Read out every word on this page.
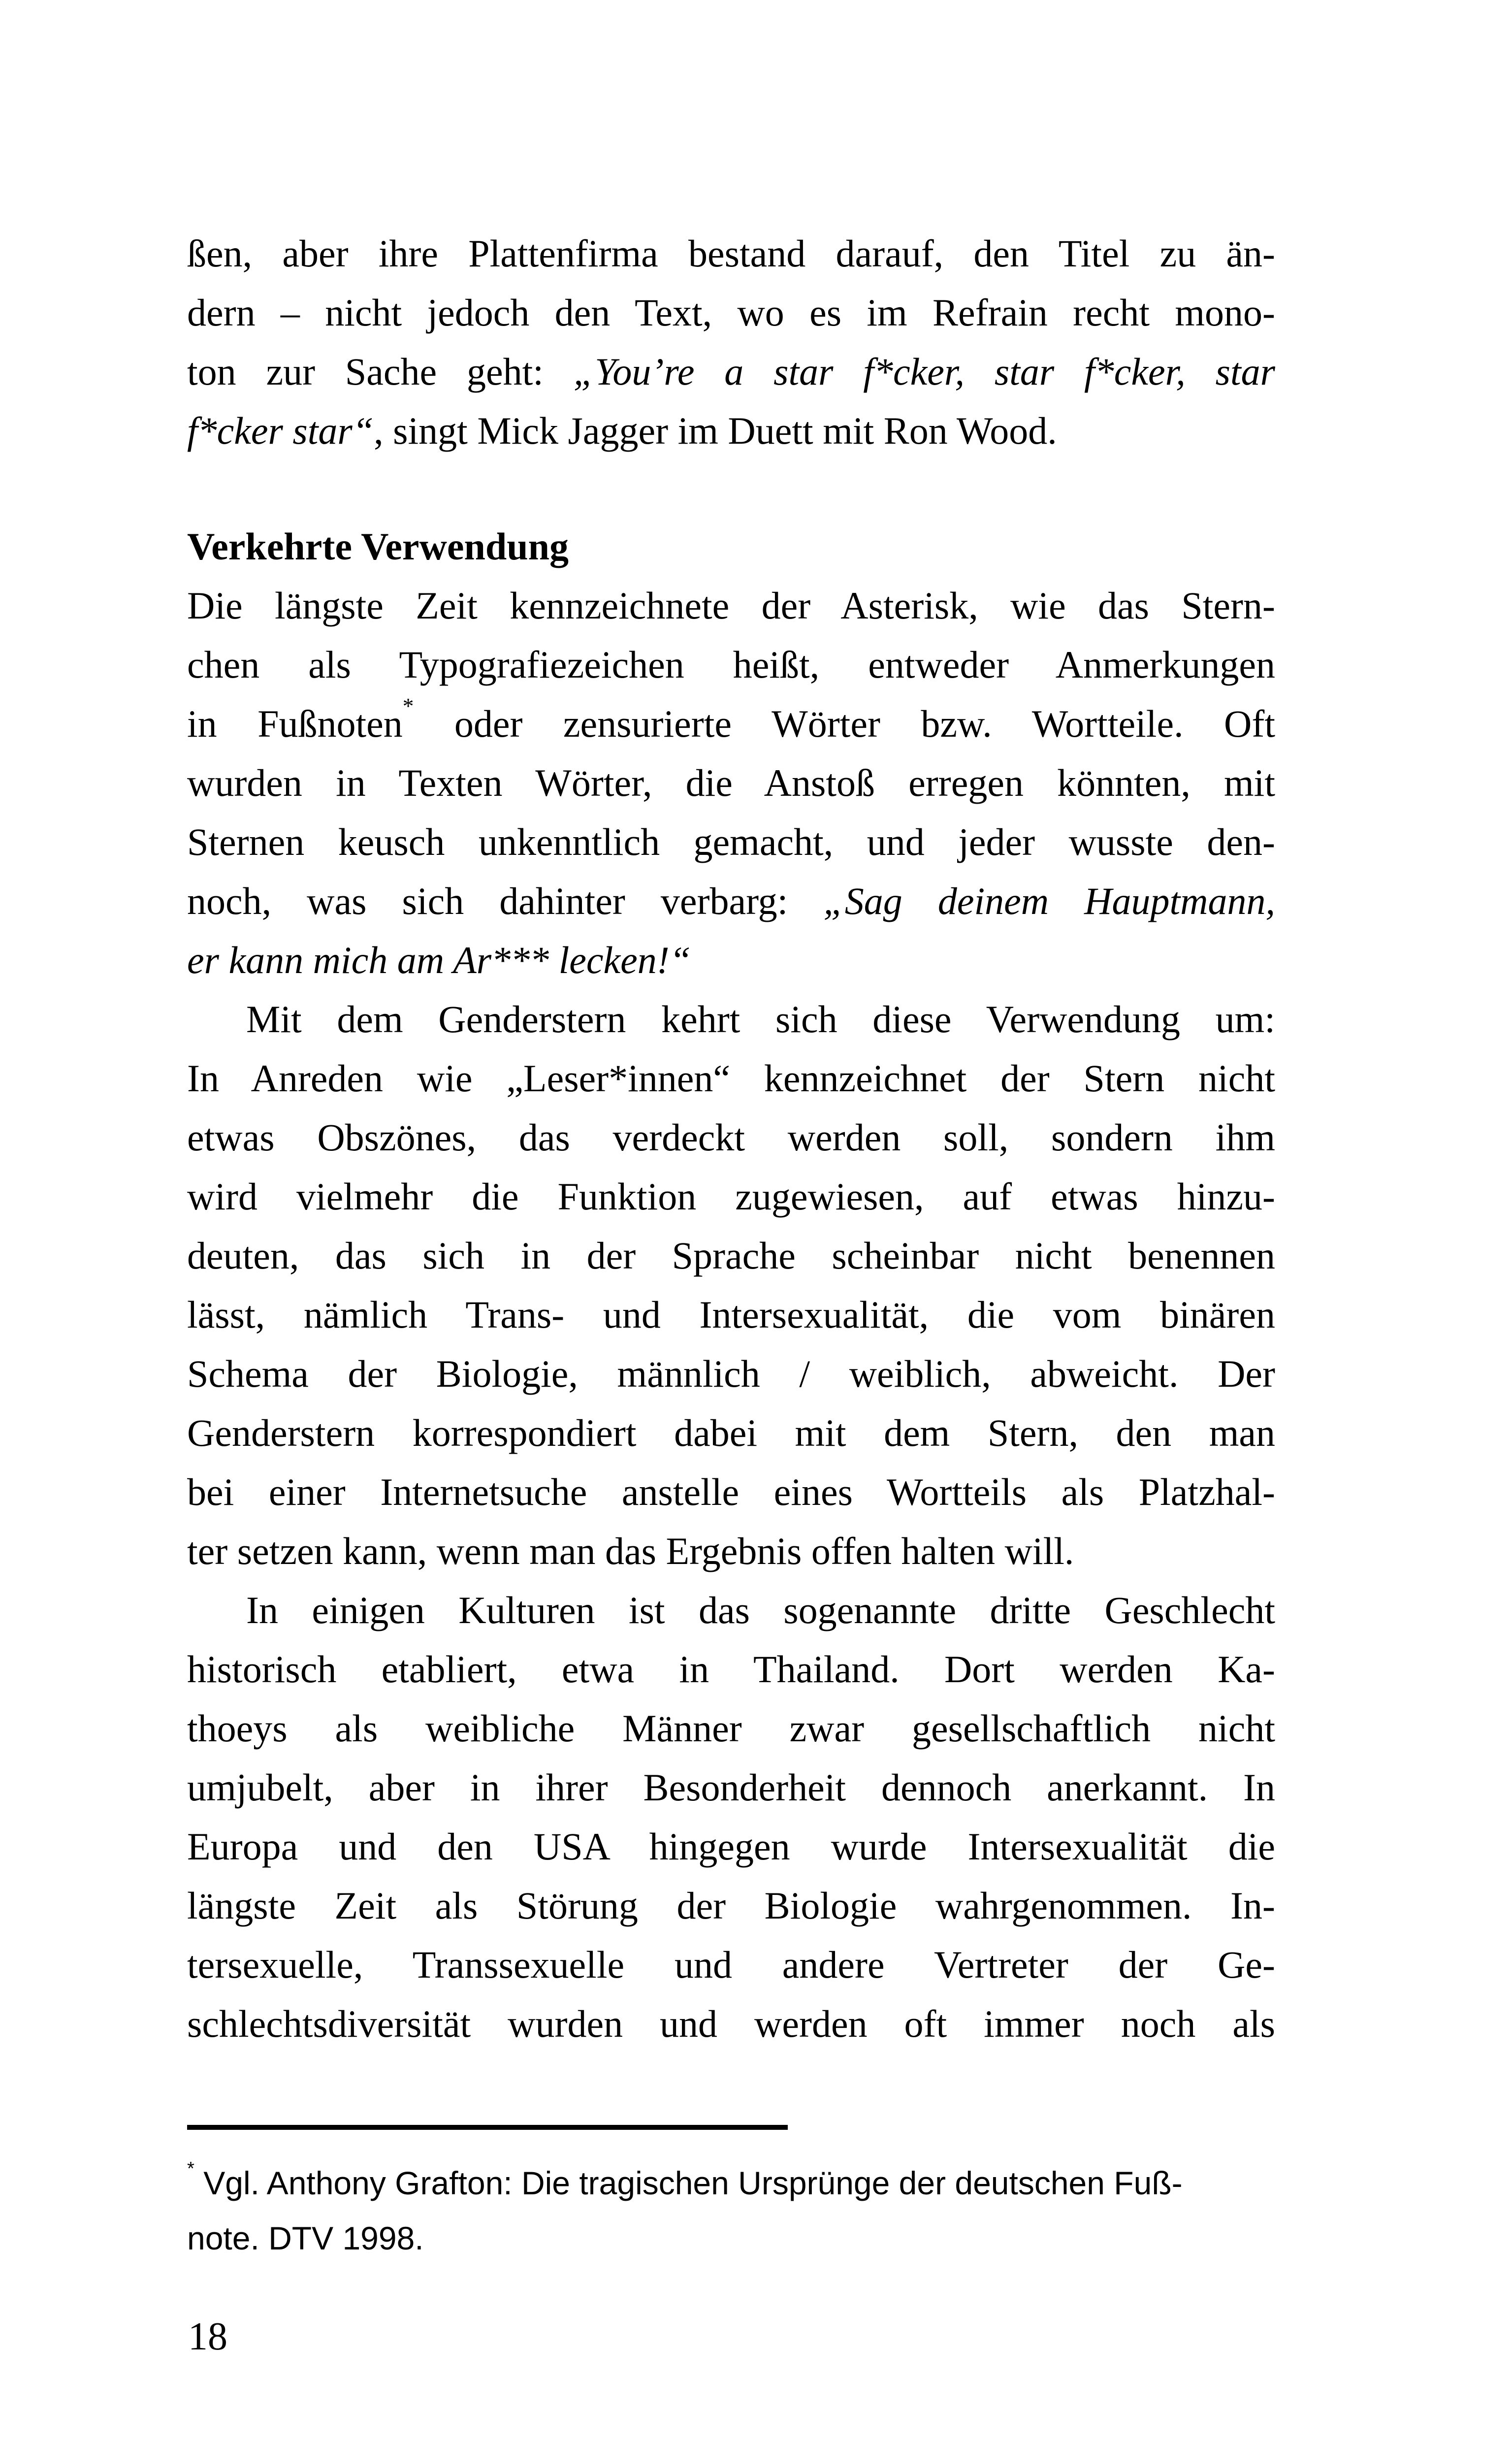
ßen, aber ihre Plattenfirma bestand darauf, den Titel zu än-
dern – nicht jedoch den Text, wo es im Refrain recht mono-
ton zur Sache geht: „You’re a star f*cker, star f*cker, star
f*cker star“, singt Mick Jagger im Duett mit Ron Wood.
Verkehrte Verwendung
Die längste Zeit kennzeichnete der Asterisk, wie das Stern-
chen als Typografiezeichen heißt, entweder Anmerkungen
in Fußnoten* oder zensurierte Wörter bzw. Wortteile. Oft
wurden in Texten Wörter, die Anstoß erregen könnten, mit
Sternen keusch unkenntlich gemacht, und jeder wusste den-
noch, was sich dahinter verbarg: „Sag deinem Hauptmann,
er kann mich am Ar*** lecken!“
Mit dem Genderstern kehrt sich diese Verwendung um:
In Anreden wie „Leser*innen“ kennzeichnet der Stern nicht
etwas Obszönes, das verdeckt werden soll, sondern ihm
wird vielmehr die Funktion zugewiesen, auf etwas hinzu-
deuten, das sich in der Sprache scheinbar nicht benennen
lässt, nämlich Trans- und Intersexualität, die vom binären
Schema der Biologie, männlich / weiblich, abweicht. Der
Genderstern korrespondiert dabei mit dem Stern, den man
bei einer Internetsuche anstelle eines Wortteils als Platzhal-
ter setzen kann, wenn man das Ergebnis offen halten will.
In einigen Kulturen ist das sogenannte dritte Geschlecht
historisch etabliert, etwa in Thailand. Dort werden Ka-
thoeys als weibliche Männer zwar gesellschaftlich nicht
umjubelt, aber in ihrer Besonderheit dennoch anerkannt. In
Europa und den USA hingegen wurde Intersexualität die
längste Zeit als Störung der Biologie wahrgenommen. In-
tersexuelle, Transsexuelle und andere Vertreter der Ge-
schlechtsdiversität wurden und werden oft immer noch als
* Vgl. Anthony Grafton: Die tragischen Ursprünge der deutschen Fuß-
note. DTV 1998.
18
